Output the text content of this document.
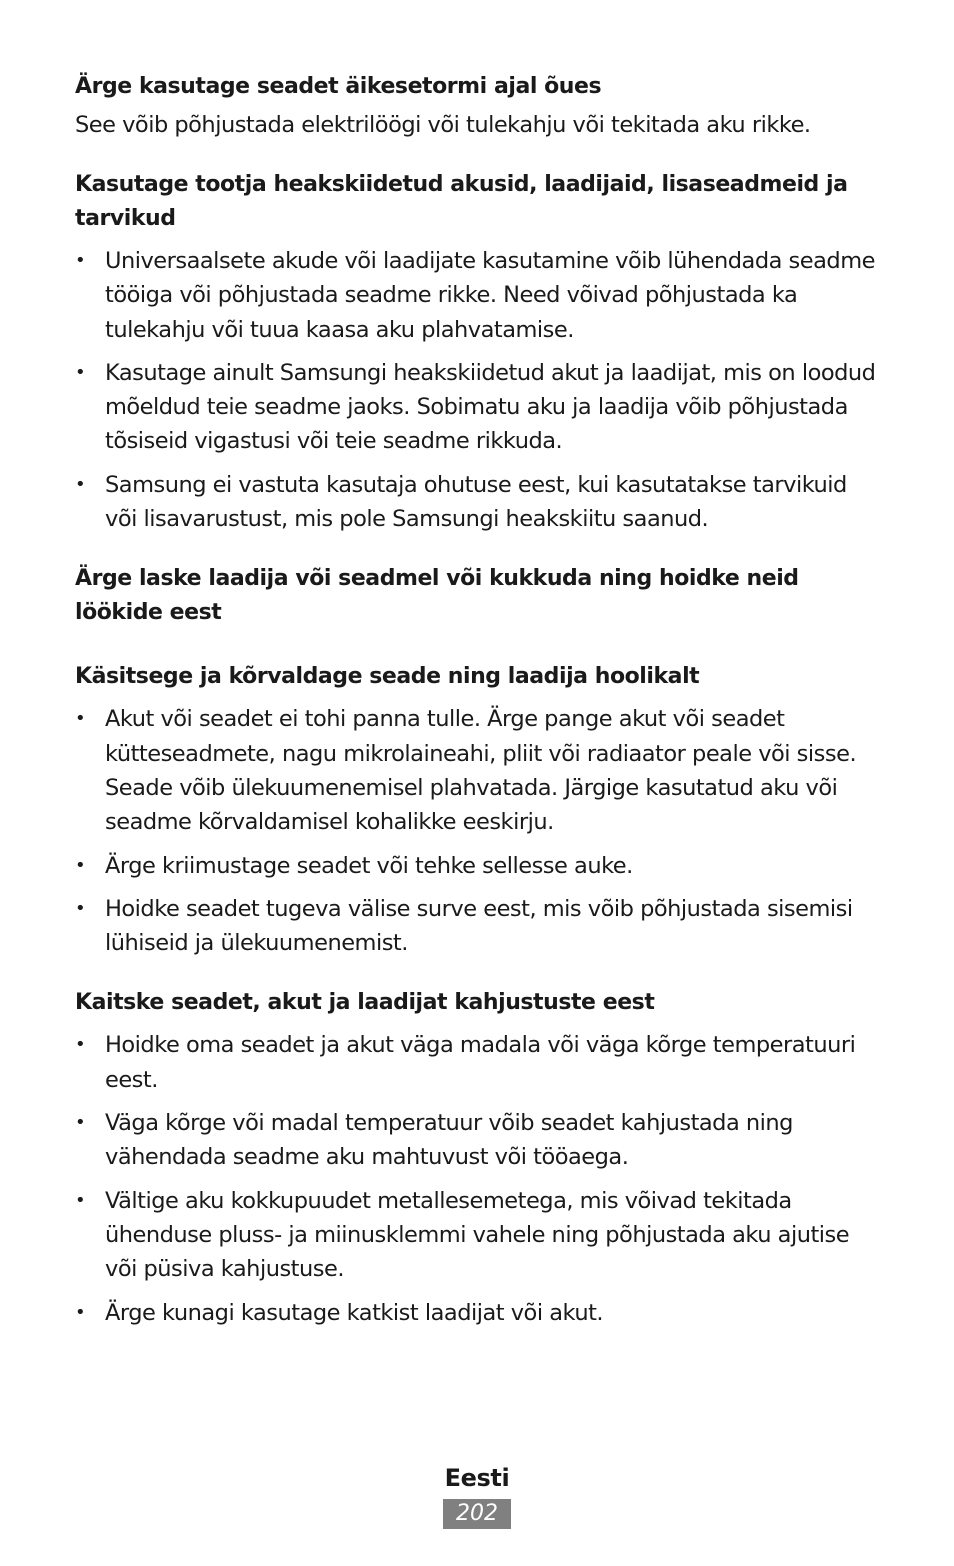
Ärge kasutage seadet äikesetormi ajal õues

See võib põhjustada elektrilöögi või tulekahju või tekitada aku rikke.

Kasutage tootja heakskiidetud akusid, laadijaid, lisaseadmeid ja tarvikud

• Universaalsete akude või laadijate kasutamine võib lühendada seadme tööiga või põhjustada seadme rikke. Need võivad põhjustada ka tulekahju või tuua kaasa aku plahvatamise.
• Kasutage ainult Samsungi heakskiidetud akut ja laadijat, mis on loodud mõeldud teie seadme jaoks. Sobimatu aku ja laadija võib põhjustada tõsiseid vigastusi või teie seadme rikkuda.
• Samsung ei vastuta kasutaja ohutuse eest, kui kasutatakse tarvikuid või lisavarustust, mis pole Samsungi heakskiitu saanud.

Ärge laske laadija või seadmel või kukkuda ning hoidke neid löökide eest

Käsitsege ja kõrvaldage seade ning laadija hoolikalt

• Akut või seadet ei tohi panna tulle. Ärge pange akut või seadet kütteseadmete, nagu mikrolaineahi, pliit või radiaator peale või sisse. Seade võib ülekuumenemisel plahvatada. Järgige kasutatud aku või seadme kõrvaldamisel kohalikke eeskirju.
• Ärge kriimustage seadet või tehke sellesse auke.
• Hoidke seadet tugeva välise surve eest, mis võib põhjustada sisemisi lühiseid ja ülekuumenemist.

Kaitske seadet, akut ja laadijat kahjustuste eest

• Hoidke oma seadet ja akut väga madala või väga kõrge temperatuuri eest.
• Väga kõrge või madal temperatuur võib seadet kahjustada ning vähendada seadme aku mahtuvust või tööaega.
• Vältige aku kokkupuudet metallesemetega, mis võivad tekitada ühenduse pluss- ja miinusklemmi vahele ning põhjustada aku ajutise või püsiva kahjustuse.
• Ärge kunagi kasutage katkist laadijat või akut.
Eesti
202
